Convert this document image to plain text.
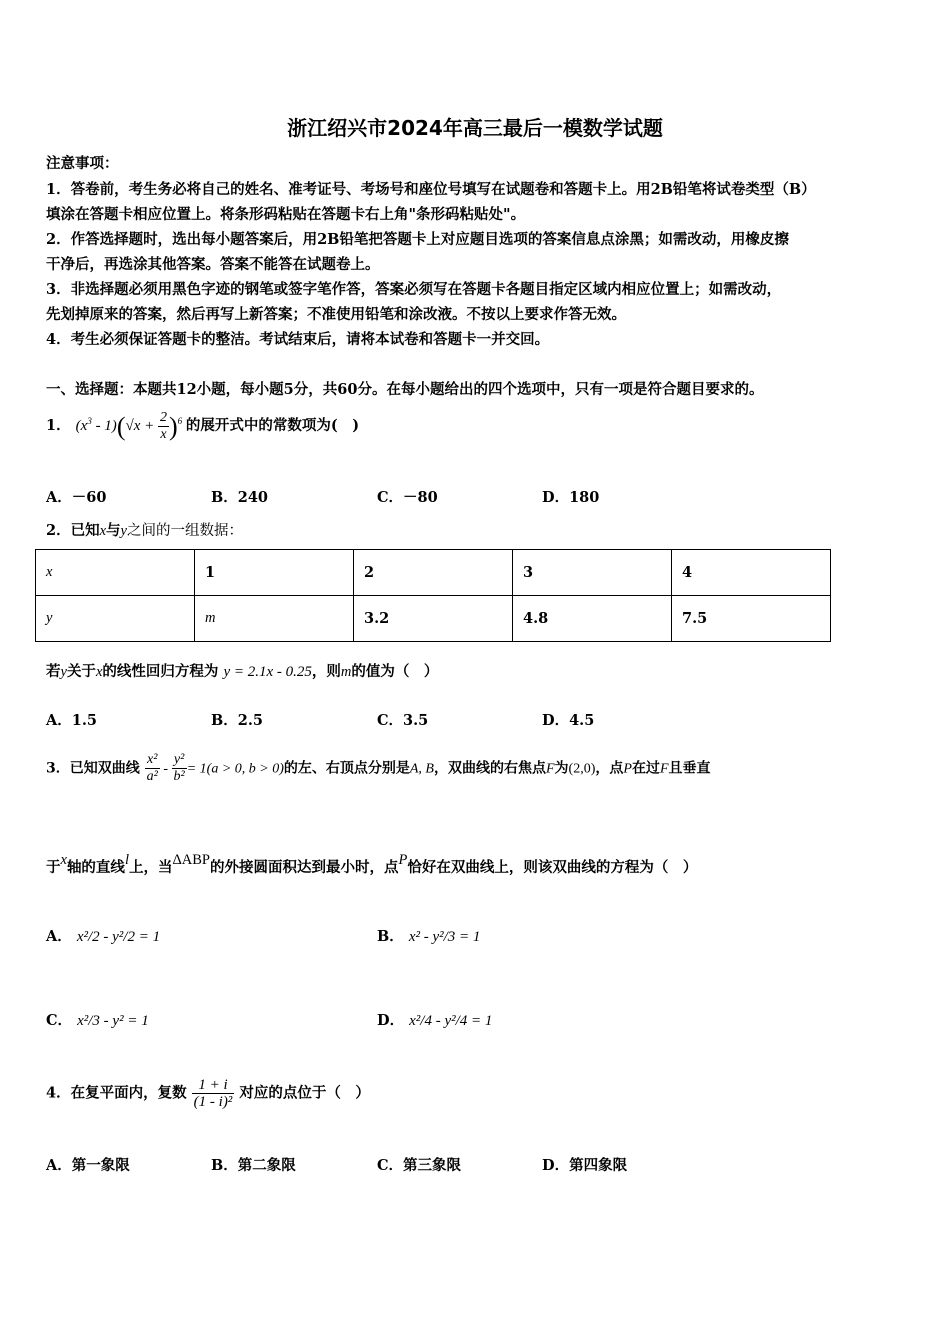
浙江绍兴市2024年高三最后一模数学试题
注意事项：
1．答卷前，考生务必将自己的姓名、准考证号、考场号和座位号填写在试题卷和答题卡上。用2B铅笔将试卷类型（B）
填涂在答题卡相应位置上。将条形码粘贴在答题卡右上角"条形码粘贴处"。
2．作答选择题时，选出每小题答案后，用2B铅笔把答题卡上对应题目选项的答案信息点涂黑；如需改动，用橡皮擦
干净后，再选涂其他答案。答案不能答在试题卷上。
3．非选择题必须用黑色字迹的钢笔或签字笔作答，答案必须写在答题卡各题目指定区域内相应位置上；如需改动，
先划掉原来的答案，然后再写上新答案；不准使用铅笔和涂改液。不按以上要求作答无效。
4．考生必须保证答题卡的整洁。考试结束后，请将本试卷和答题卡一并交回。
一、选择题：本题共12小题，每小题5分，共60分。在每小题给出的四个选项中，只有一项是符合题目要求的。
1． $(x^3 - 1)(√x + \frac{2}{x} )^6$ 的展开式中的常数项为(　)
A．－60	B．240	C．－80	D．180
2．已知x与y之间的一组数据：
x	1	2	3	4
y	m	3.2	4.8	7.5
若y关于x的线性回归方程为 y = 2.1x - 0.25，则m的值为（　）
A．1.5	B．2.5	C．3.5	D．4.5
3．已知双曲线 $\frac{\text{x²}}{\text{a²}} - \frac{\text{y²}}{\text{b²}} = 1(a > 0$, b > 0)的左、右顶点分别是A, B，双曲线的右焦点F为(2,0)，点P在过F且垂直
于x轴的直线l上，当ΔABP的外接圆面积达到最小时，点P恰好在双曲线上，则该双曲线的方程为（　）
A． x²/2 - y²/2 = 1	B． x² - y²/3 = 1
C． x²/3 - y² = 1	D． x²/4 - y²/4 = 1
4．在复平面内，复数 $\frac{1 + i}{\text{(1 - i)²}}$ 对应的点位于（　）
A．第一象限	B．第二象限	C．第三象限	D．第四象限
